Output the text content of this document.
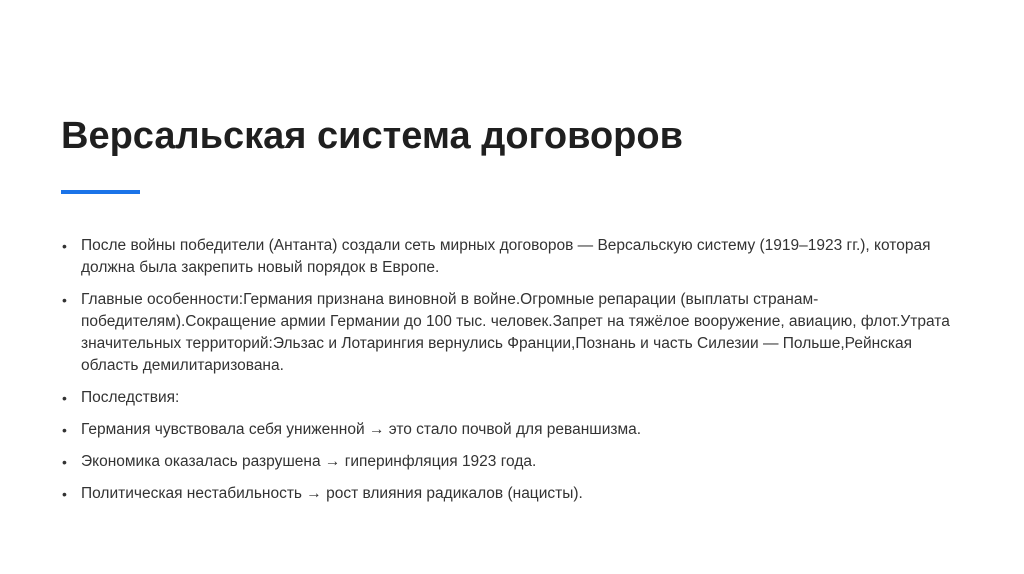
Версальская система договоров
• После войны победители (Антанта) создали сеть мирных договоров — Версальскую систему (1919–1923 гг.), которая должна была закрепить новый порядок в Европе.
• Главные особенности:Германия признана виновной в войне.Огромные репарации (выплаты странам-победителям).Сокращение армии Германии до 100 тыс. человек.Запрет на тяжёлое вооружение, авиацию, флот.Утрата значительных территорий:Эльзас и Лотарингия вернулись Франции,Познань и часть Силезии — Польше,Рейнская область демилитаризована.
• Последствия:
• Германия чувствовала себя униженной → это стало почвой для реваншизма.
• Экономика оказалась разрушена → гиперинфляция 1923 года.
• Политическая нестабильность → рост влияния радикалов (нацисты).
